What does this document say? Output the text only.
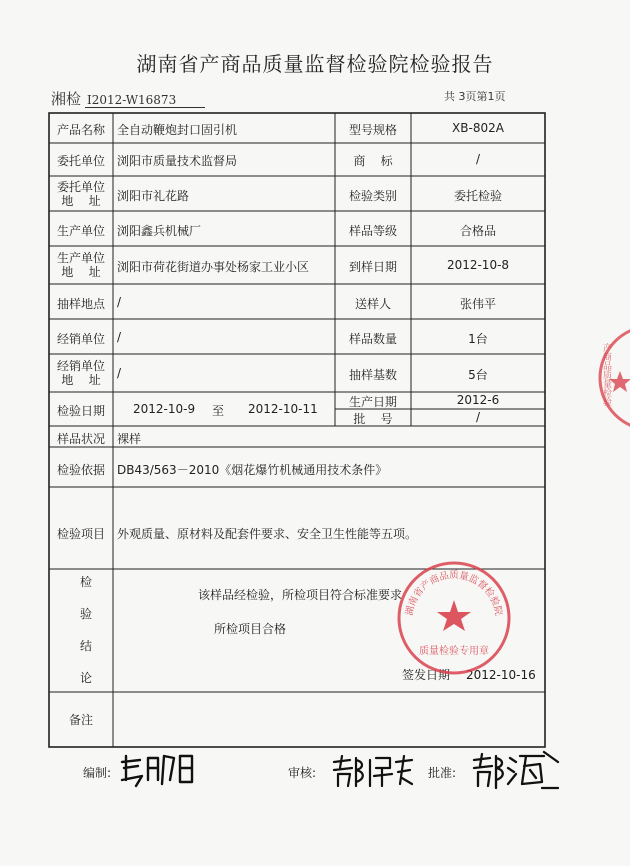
湖南省产商品质量监督检验院检验报告
湘检 I2012-W16873	共 3页第1页
产品名称	全自动鞭炮封口固引机	型号规格	XB-802A
委托单位	浏阳市质量技术监督局	商    标	/
委托单位
地    址	浏阳市礼花路	检验类别	委托检验
生产单位	浏阳鑫兵机械厂	样品等级	合格品
生产单位
地    址	浏阳市荷花街道办事处杨家工业小区	到样日期	2012-10-8
抽样地点	/	送样人	张伟平
经销单位	/	样品数量	1台
经销单位
地    址	/	抽样基数	5台
检验日期	2012-10-9 至 2012-10-11	生产日期	2012-6
批    号	/
样品状况	裸样
检验依据	DB43/563－2010《烟花爆竹机械通用技术条件》
检验项目	外观质量、原材料及配套件要求、安全卫生性能等五项。
检
验
结
论
该样品经检验，所检项目符合标准要求
所检项目合格
签发日期 2012-10-16
备注
湖南省产商品质量监督检验院
质量检验专用章
产商品质量检验
编制:	审核:	批准:
